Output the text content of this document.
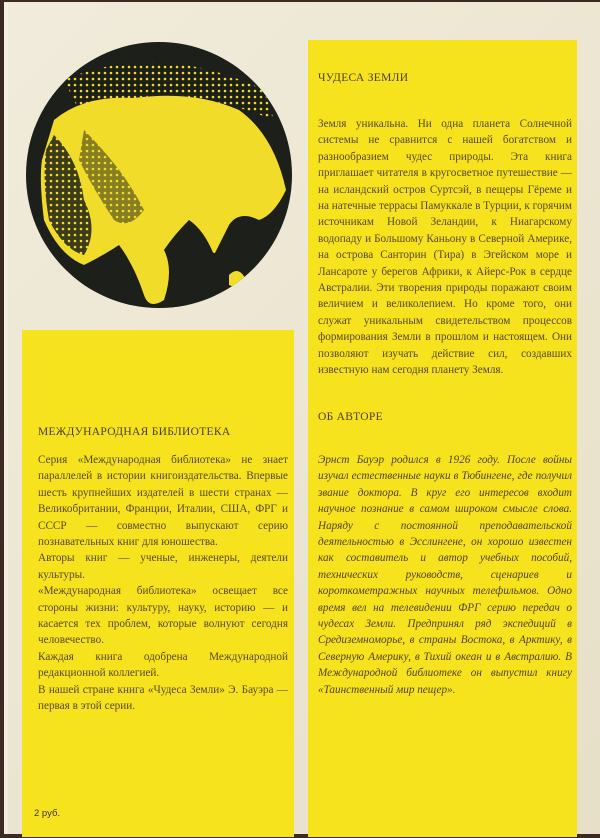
ЧУДЕСА ЗЕМЛИ
Земля уникальна. Ни одна планета Солнечной системы не сравнится с нашей богатством и разнообразием чудес природы. Эта книга приглашает читателя в кругосветное путешествие — на исландский остров Суртсэй, в пещеры Гёреме и на натечные террасы Памуккале в Турции, к горячим источникам Новой Зеландии, к Ниагарскому водопаду и Большому Каньону в Северной Америке, на острова Санторин (Тира) в Эгейском море и Лансароте у берегов Африки, к Айерс-Рок в сердце Австралии. Эти творения природы поражают своим величием и великолепием. Но кроме того, они служат уникальным свидетельством процессов формирования Земли в прошлом и настоящем. Они позволяют изучать действие сил, создавших известную нам сегодня планету Земля.
ОБ АВТОРЕ
Эрнст Бауэр родился в 1926 году. После войны изучал естественные науки в Тюбингене, где получил звание доктора. В круг его интересов входит научное познание в самом широком смысле слова. Наряду с постоянной преподавательской деятельностью в Эсслингене, он хорошо известен как составитель и автор учебных пособий, технических руководств, сценариев и короткометражных научных телефильмов. Одно время вел на телевидении ФРГ серию передач о чудесах Земли. Предпринял ряд экспедиций в Средиземноморье, в страны Востока, в Арктику, в Северную Америку, в Тихий океан и в Австралию. В Международной библиотеке он выпустил книгу «Таинственный мир пещер».
МЕЖДУНАРОДНАЯ БИБЛИОТЕКА

Серия «Международная библиотека» не знает параллелей в истории книгоиздательства. Впервые шесть крупнейших издателей в шести странах — Великобритании, Франции, Италии, США, ФРГ и СССР — совместно выпускают серию познавательных книг для юношества.

Авторы книг — ученые, инженеры, деятели культуры.

«Международная библиотека» освещает все стороны жизни: культуру, науку, историю — и касается тех проблем, которые волнуют сегодня человечество.

Каждая книга одобрена Международной редакционной коллегией.

В нашей стране книга «Чудеса Земли» Э. Бауэра — первая в этой серии.

2 руб.
